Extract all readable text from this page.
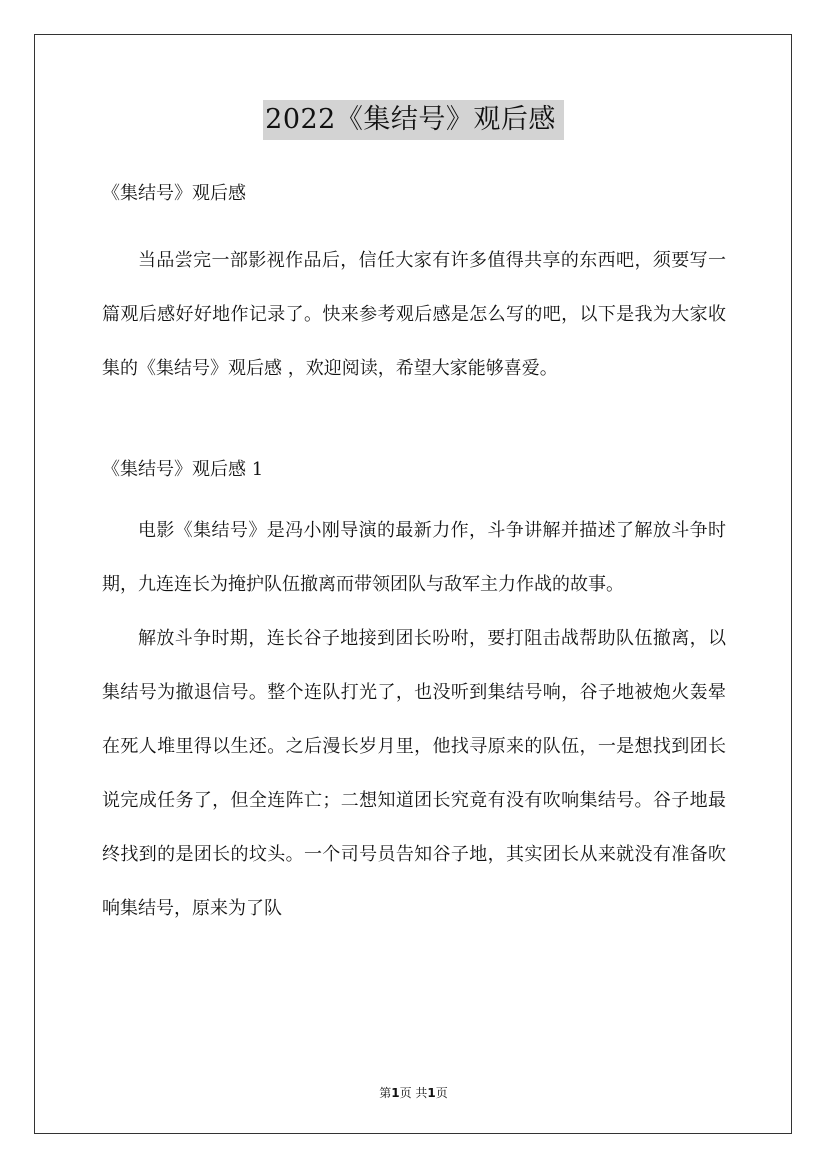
2022《集结号》观后感

《集结号》观后感

当品尝完一部影视作品后，信任大家有许多值得共享的东西吧，须要写一篇观后感好好地作记录了。快来参考观后感是怎么写的吧，以下是我为大家收集的《集结号》观后感 ，欢迎阅读，希望大家能够喜爱。

《集结号》观后感 1

电影《集结号》是冯小刚导演的最新力作，斗争讲解并描述了解放斗争时期，九连连长为掩护队伍撤离而带领团队与敌军主力作战的故事。

解放斗争时期，连长谷子地接到团长吩咐，要打阻击战帮助队伍撤离，以集结号为撤退信号。整个连队打光了，也没听到集结号响，谷子地被炮火轰晕在死人堆里得以生还。之后漫长岁月里，他找寻原来的队伍，一是想找到团长说完成任务了，但全连阵亡；二想知道团长究竟有没有吹响集结号。谷子地最终找到的是团长的坟头。一个司号员告知谷子地，其实团长从来就没有准备吹响集结号，原来为了队

第1页 共1页
